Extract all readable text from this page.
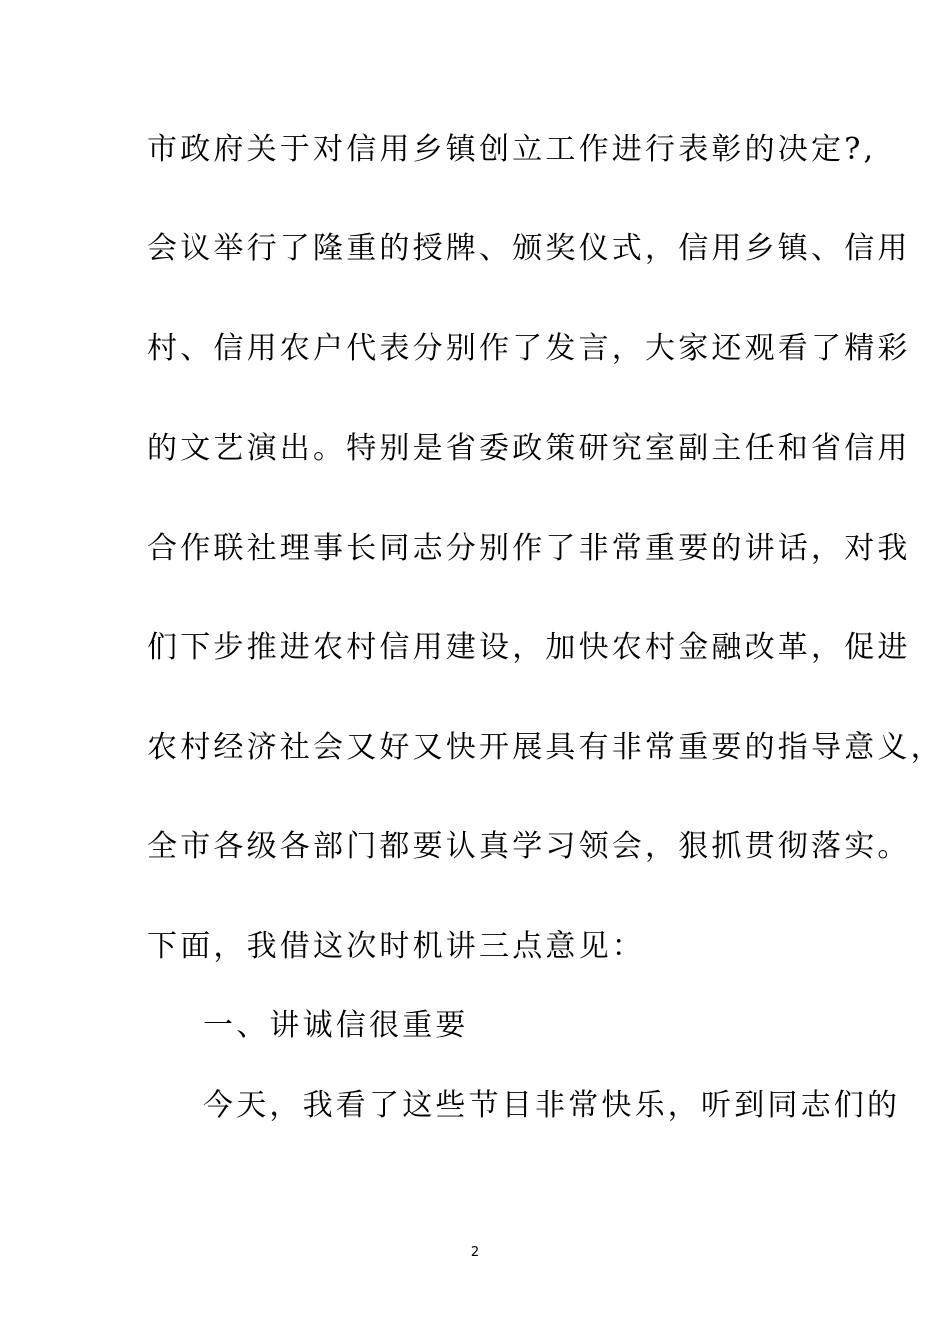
市政府关于对信用乡镇创立工作进行表彰的决定?,
会议举行了隆重的授牌、颁奖仪式，信用乡镇、信用
村、信用农户代表分别作了发言，大家还观看了精彩
的文艺演出。特别是省委政策研究室副主任和省信用
合作联社理事长同志分别作了非常重要的讲话，对我
们下步推进农村信用建设，加快农村金融改革，促进
农村经济社会又好又快开展具有非常重要的指导意义，
全市各级各部门都要认真学习领会，狠抓贯彻落实。
下面，我借这次时机讲三点意见：
一、讲诚信很重要
今天，我看了这些节目非常快乐，听到同志们的
2
